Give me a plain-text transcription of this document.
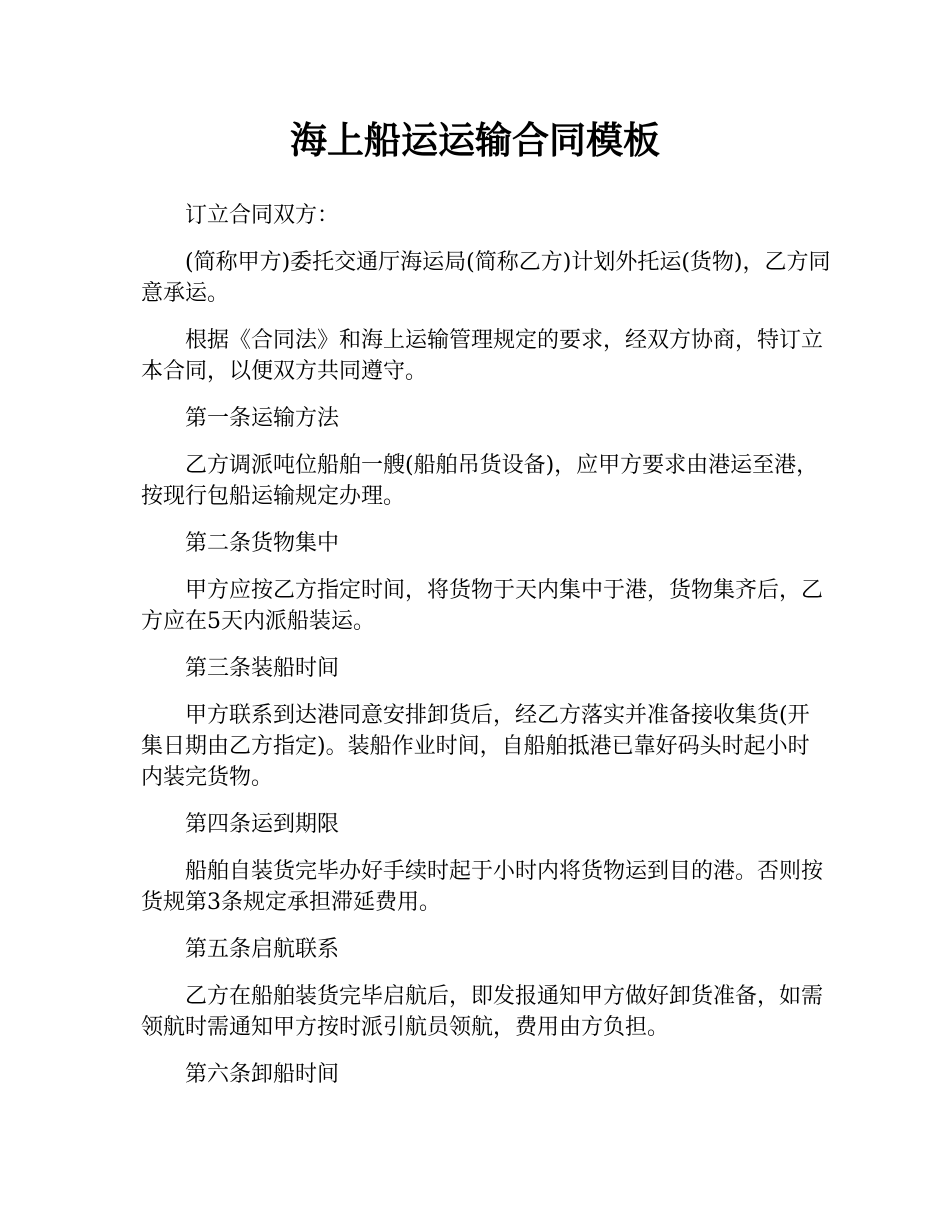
海上船运运输合同模板

订立合同双方：

(简称甲方)委托交通厅海运局(简称乙方)计划外托运(货物)，乙方同意承运。

根据《合同法》和海上运输管理规定的要求，经双方协商，特订立本合同，以便双方共同遵守。

第一条运输方法

乙方调派吨位船舶一艘(船舶吊货设备)，应甲方要求由港运至港，按现行包船运输规定办理。

第二条货物集中

甲方应按乙方指定时间，将货物于天内集中于港，货物集齐后，乙方应在5天内派船装运。

第三条装船时间

甲方联系到达港同意安排卸货后，经乙方落实并准备接收集货(开集日期由乙方指定)。装船作业时间，自船舶抵港已靠好码头时起小时内装完货物。

第四条运到期限

船舶自装货完毕办好手续时起于小时内将货物运到目的港。否则按货规第3条规定承担滞延费用。

第五条启航联系

乙方在船舶装货完毕启航后，即发报通知甲方做好卸货准备，如需领航时需通知甲方按时派引航员领航，费用由方负担。

第六条卸船时间
